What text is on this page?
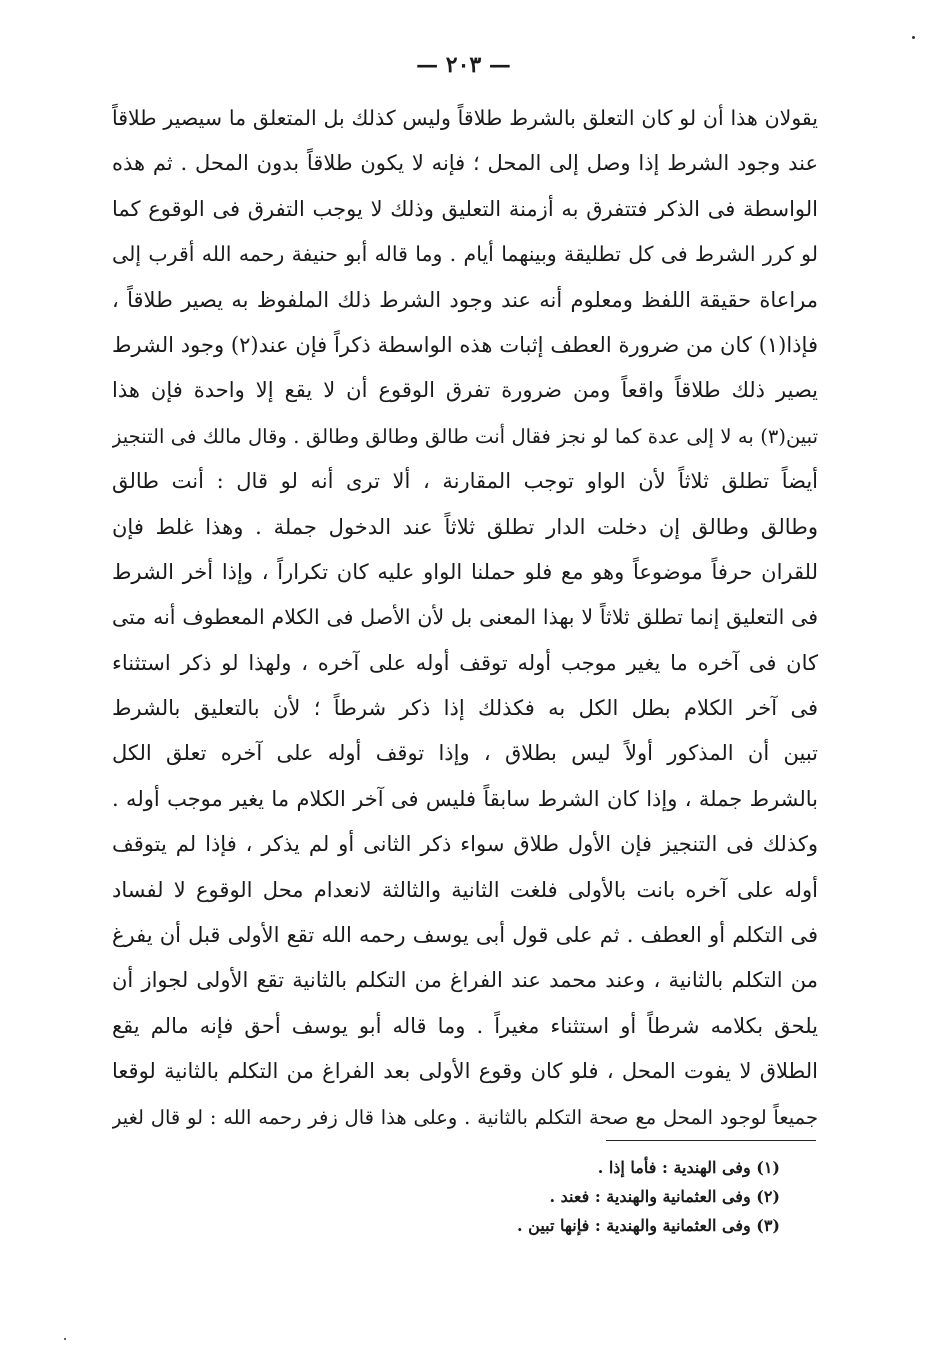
— ٢٠٣ —
يقولان هذا أن لو كان التعلق بالشرط طلاقاً وليس كذلك بل المتعلق ما سيصير طلاقاً
عند وجود الشرط إذا وصل إلى المحل ؛ فإنه لا يكون طلاقاً بدون المحل . ثم هذه
الواسطة فى الذكر فتتفرق به أزمنة التعليق وذلك لا يوجب التفرق فى الوقوع كما
لو كرر الشرط فى كل تطليقة وبينهما أيام . وما قاله أبو حنيفة رحمه الله أقرب إلى
مراعاة حقيقة اللفظ ومعلوم أنه عند وجود الشرط ذلك الملفوظ به يصير طلاقاً ،
فإذا(١) كان من ضرورة العطف إثبات هذه الواسطة ذكراً فإن عند(٢) وجود الشرط
يصير ذلك طلاقاً واقعاً ومن ضرورة تفرق الوقوع أن لا يقع إلا واحدة فإن هذا
تبين(٣) به لا إلى عدة كما لو نجز فقال أنت طالق وطالق وطالق . وقال مالك فى التنجيز
أيضاً تطلق ثلاثاً لأن الواو توجب المقارنة ، ألا ترى أنه لو قال : أنت طالق
وطالق وطالق إن دخلت الدار تطلق ثلاثاً عند الدخول جملة . وهذا غلط فإن
للقران حرفاً موضوعاً وهو مع فلو حملنا الواو عليه كان تكراراً ، وإذا أخر الشرط
فى التعليق إنما تطلق ثلاثاً لا بهذا المعنى بل لأن الأصل فى الكلام المعطوف أنه متى
كان فى آخره ما يغير موجب أوله توقف أوله على آخره ، ولهذا لو ذكر استثناء
فى آخر الكلام بطل الكل به فكذلك إذا ذكر شرطاً ؛ لأن بالتعليق بالشرط
تبين أن المذكور أولاً ليس بطلاق ، وإذا توقف أوله على آخره تعلق الكل
بالشرط جملة ، وإذا كان الشرط سابقاً فليس فى آخر الكلام ما يغير موجب أوله .
وكذلك فى التنجيز فإن الأول طلاق سواء ذكر الثانى أو لم يذكر ، فإذا لم يتوقف
أوله على آخره بانت بالأولى فلغت الثانية والثالثة لانعدام محل الوقوع لا لفساد
فى التكلم أو العطف . ثم على قول أبى يوسف رحمه الله تقع الأولى قبل أن يفرغ
من التكلم بالثانية ، وعند محمد عند الفراغ من التكلم بالثانية تقع الأولى لجواز أن
يلحق بكلامه شرطاً أو استثناء مغيراً . وما قاله أبو يوسف أحق فإنه مالم يقع
الطلاق لا يفوت المحل ، فلو كان وقوع الأولى بعد الفراغ من التكلم بالثانية لوقعا
جميعاً لوجود المحل مع صحة التكلم بالثانية . وعلى هذا قال زفر رحمه الله : لو قال لغير
(١) وفى الهندية : فأما إذا .
(٢) وفى العثمانية والهندية : فعند .
(٣) وفى العثمانية والهندية : فإنها تبين .
